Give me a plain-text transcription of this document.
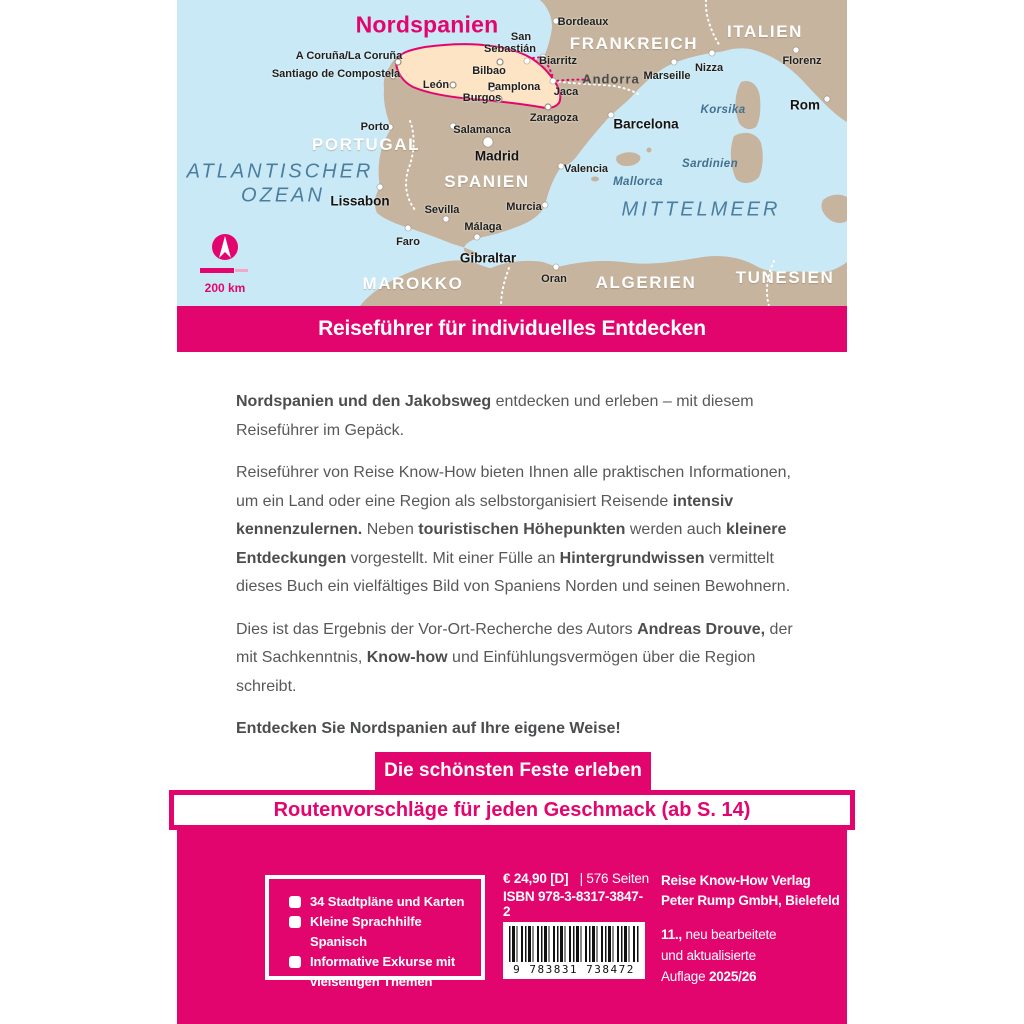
Nordspanien
A Coruña/La Coruña
Santiago de Compostela
San
Sebastián
Biarritz
Bilbao
León	Pamplona
Burgos	Jaca
Zaragoza
Bordeaux
FRANKREICH
ITALIEN
Andorra Marseille
Nizza
Florenz
Rom
Korsika
Barcelona
Valencia
Mallorca
Sardinien
MITTELMEER
Murcia
SPANIEN
Madrid
Salamanca
PORTUGAL
Porto
ATLANTISCHER
OZEAN Lissabon
Sevilla
Málaga
Faro
Gibraltar
MAROKKO	Oran ALGERIEN TUNESIEN
200 km
Reiseführer für individuelles Entdecken

Nordspanien und den Jakobsweg entdecken und erleben – mit diesem Reiseführer im Gepäck.

Reiseführer von Reise Know-How bieten Ihnen alle praktischen Informationen, um ein Land oder eine Region als selbstorganisiert Reisende intensiv kennenzulernen. Neben touristischen Höhepunkten werden auch kleinere Entdeckungen vorgestellt. Mit einer Fülle an Hintergrundwissen vermittelt dieses Buch ein vielfältiges Bild von Spaniens Norden und seinen Bewohnern.

Dies ist das Ergebnis der Vor-Ort-Recherche des Autors Andreas Drouve, der mit Sachkenntnis, Know-how und Einfühlungsvermögen über die Region schreibt.

Entdecken Sie Nordspanien auf Ihre eigene Weise!

Die schönsten Feste erleben
Routenvorschläge für jeden Geschmack (ab S. 14)
34 Stadtpläne und Karten
Kleine Sprachhilfe Spanisch
Informative Exkurse mit vielseitigen Themen
€ 24,90 [D] | 576 Seiten
ISBN 978-3-8317-3847-2
9 783831 738472
Reise Know-How Verlag
Peter Rump GmbH, Bielefeld
11., neu bearbeitete
und aktualisierte
Auflage 2025/26
